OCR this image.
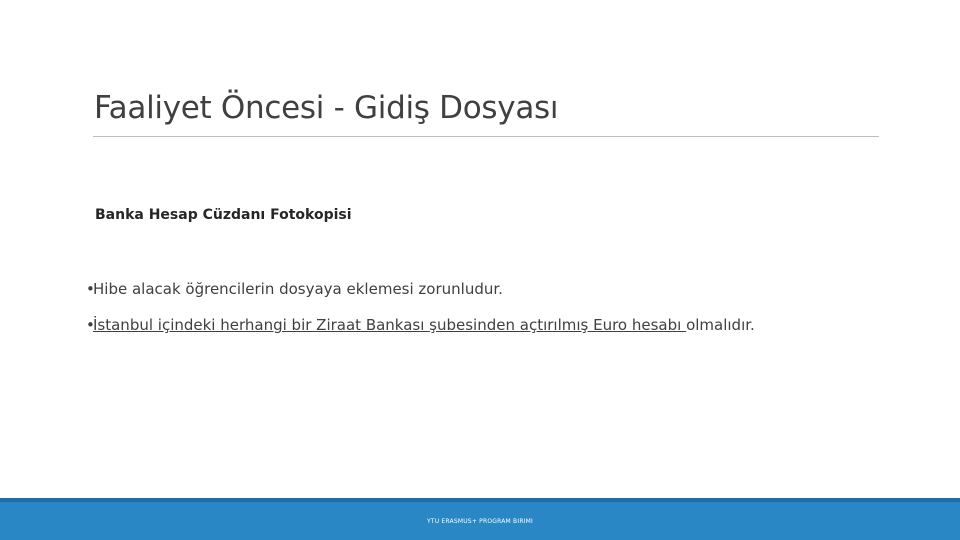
Faaliyet Öncesi - Gidiş Dosyası
Banka Hesap Cüzdanı Fotokopisi
•Hibe alacak öğrencilerin dosyaya eklemesi zorunludur.
•İstanbul içindeki herhangi bir Ziraat Bankası şubesinden açtırılmış Euro hesabı olmalıdır.
YTU ERASMUS+ PROGRAM BIRIMI
